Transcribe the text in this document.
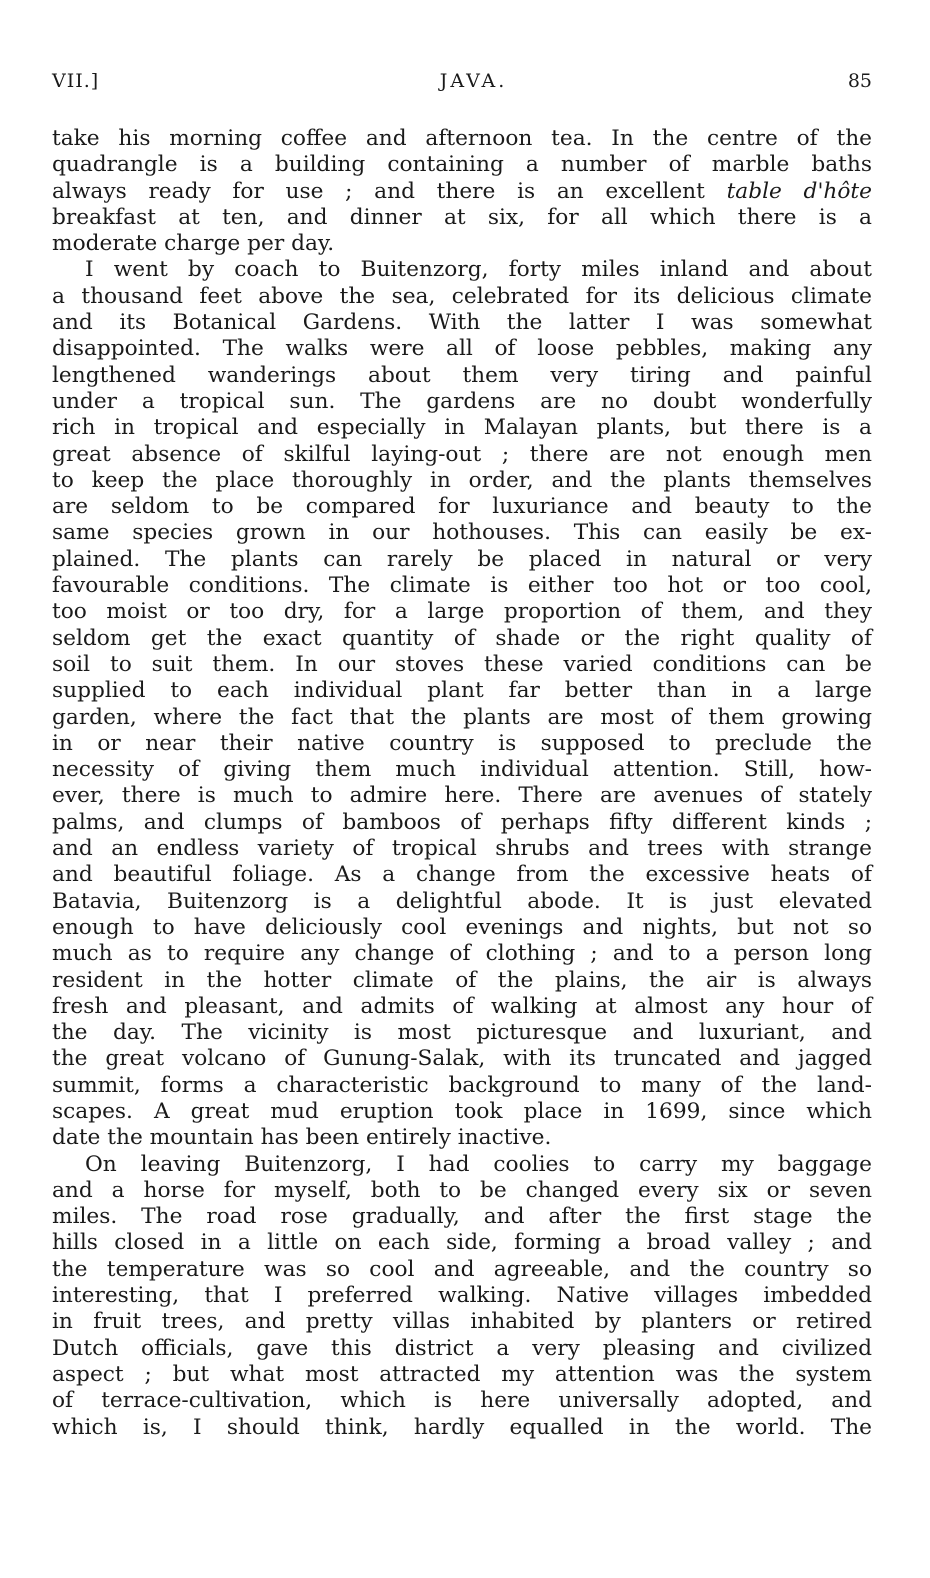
VII.]	JAVA.	85
take his morning coffee and afternoon tea. In the centre of the
quadrangle is a building containing a number of marble baths
always ready for use ; and there is an excellent table d'hôte
breakfast at ten, and dinner at six, for all which there is a
moderate charge per day.
I went by coach to Buitenzorg, forty miles inland and about
a thousand feet above the sea, celebrated for its delicious climate
and its Botanical Gardens. With the latter I was somewhat
disappointed. The walks were all of loose pebbles, making any
lengthened wanderings about them very tiring and painful
under a tropical sun. The gardens are no doubt wonderfully
rich in tropical and especially in Malayan plants, but there is a
great absence of skilful laying-out ; there are not enough men
to keep the place thoroughly in order, and the plants themselves
are seldom to be compared for luxuriance and beauty to the
same species grown in our hothouses. This can easily be ex-
plained. The plants can rarely be placed in natural or very
favourable conditions. The climate is either too hot or too cool,
too moist or too dry, for a large proportion of them, and they
seldom get the exact quantity of shade or the right quality of
soil to suit them. In our stoves these varied conditions can be
supplied to each individual plant far better than in a large
garden, where the fact that the plants are most of them growing
in or near their native country is supposed to preclude the
necessity of giving them much individual attention. Still, how-
ever, there is much to admire here. There are avenues of stately
palms, and clumps of bamboos of perhaps fifty different kinds ;
and an endless variety of tropical shrubs and trees with strange
and beautiful foliage. As a change from the excessive heats of
Batavia, Buitenzorg is a delightful abode. It is just elevated
enough to have deliciously cool evenings and nights, but not so
much as to require any change of clothing ; and to a person long
resident in the hotter climate of the plains, the air is always
fresh and pleasant, and admits of walking at almost any hour of
the day. The vicinity is most picturesque and luxuriant, and
the great volcano of Gunung-Salak, with its truncated and jagged
summit, forms a characteristic background to many of the land-
scapes. A great mud eruption took place in 1699, since which
date the mountain has been entirely inactive.
On leaving Buitenzorg, I had coolies to carry my baggage
and a horse for myself, both to be changed every six or seven
miles. The road rose gradually, and after the first stage the
hills closed in a little on each side, forming a broad valley ; and
the temperature was so cool and agreeable, and the country so
interesting, that I preferred walking. Native villages imbedded
in fruit trees, and pretty villas inhabited by planters or retired
Dutch officials, gave this district a very pleasing and civilized
aspect ; but what most attracted my attention was the system
of terrace-cultivation, which is here universally adopted, and
which is, I should think, hardly equalled in the world. The
